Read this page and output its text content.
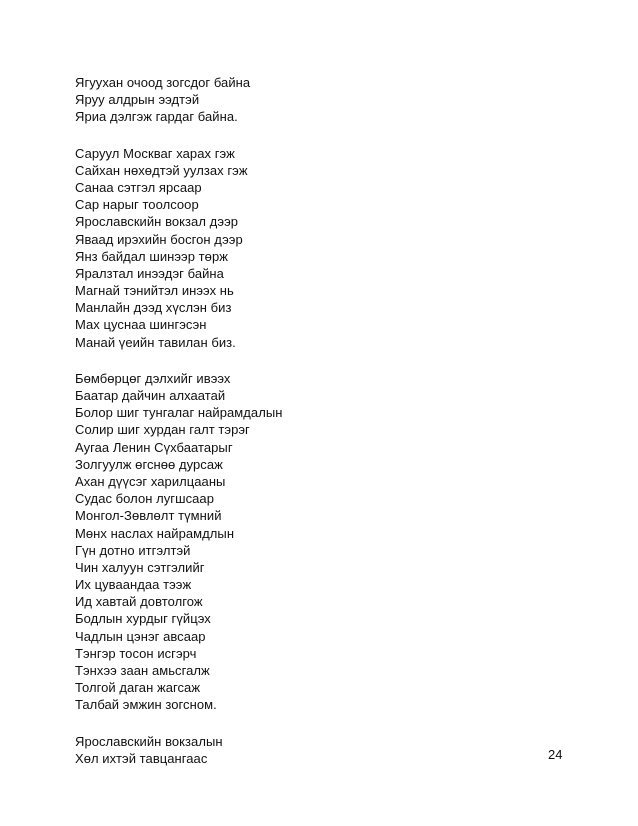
Ягуухан очоод зогсдог байна
Яруу алдрын ээдтэй
Яриа дэлгэж гардаг байна.
Саруул Москваг харах гэж
Сайхан нөхөдтэй уулзах гэж
Санаа сэтгэл ярсаар
Сар нарыг тоолсоор
Ярославскийн вокзал дээр
Яваад ирэхийн босгон дээр
Янз байдал шинээр төрж
Яралзтал инээдэг байна
Магнай тэнийтэл инээх нь
Манлайн дээд хүслэн биз
Мах цуснаа шингэсэн
Манай үеийн тавилан биз.
Бөмбөрцөг дэлхийг ивээх
Баатар дайчин алхаатай
Болор шиг тунгалаг найрамдалын
Солир шиг хурдан галт тэрэг
Аугаа Ленин Сүхбаатарыг
Золгуулж өгснөө дурсаж
Ахан дүүсэг харилцааны
Судас болон лугшсаар
Монгол-Зөвлөлт түмний
Мөнх наслах найрамдлын
Гүн дотно итгэлтэй
Чин халуун сэтгэлийг
Их цуваандаа тээж
Ид хавтай довтолгож
Бодлын хурдыг гүйцэх
Чадлын цэнэг авсаар
Тэнгэр тосон исгэрч
Тэнхээ заан амьсгалж
Толгой даган жагсаж
Талбай эмжин зогсном.
Ярославскийн вокзалын
Хөл ихтэй тавцангаас	24
